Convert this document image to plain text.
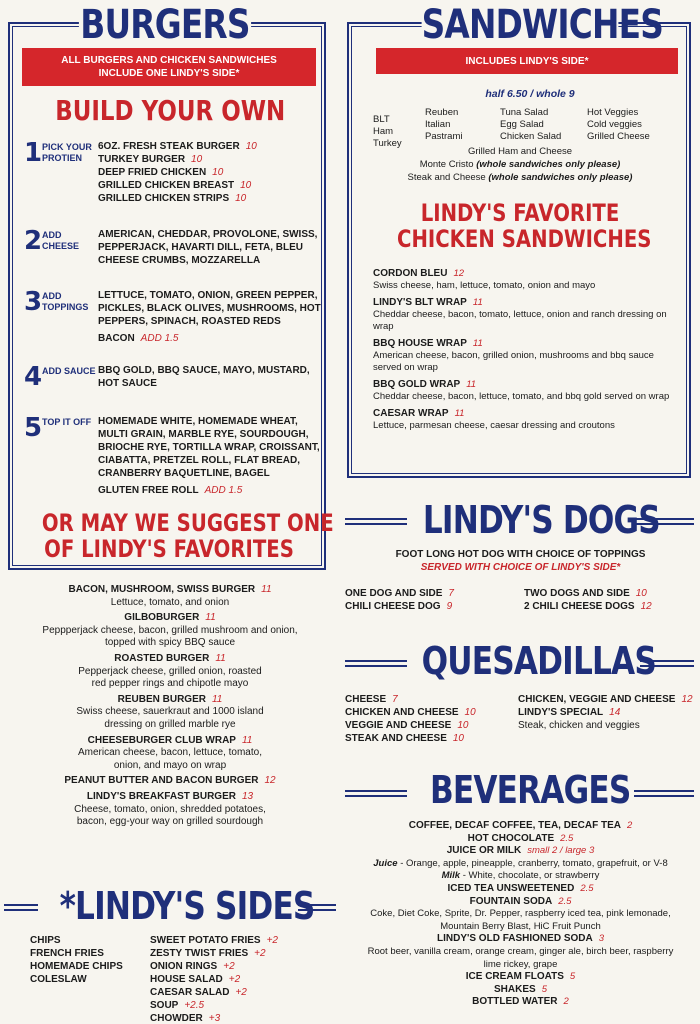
BURGERS
ALL BURGERS AND CHICKEN SANDWICHES
INCLUDE ONE LINDY'S SIDE*
BUILD YOUR OWN
1 PICK YOUR PROTIEN
6OZ. FRESH STEAK BURGER 10
TURKEY BURGER 10
DEEP FRIED CHICKEN 10
GRILLED CHICKEN BREAST 10
GRILLED CHICKEN STRIPS 10
2 ADD CHEESE
AMERICAN, CHEDDAR, PROVOLONE, SWISS, PEPPERJACK, HAVARTI DILL, FETA, BLEU CHEESE CRUMBS, MOZZARELLA
3 ADD TOPPINGS
LETTUCE, TOMATO, ONION, GREEN PEPPER, PICKLES, BLACK OLIVES, MUSHROOMS, HOT PEPPERS, SPINACH, ROASTED REDS
BACON ADD 1.5
4 ADD SAUCE BBQ GOLD, BBQ SAUCE, MAYO, MUSTARD, HOT SAUCE
5 TOP IT OFF HOMEMADE WHITE, HOMEMADE WHEAT, MULTI GRAIN, MARBLE RYE, SOURDOUGH, BRIOCHE RYE, TORTILLA WRAP, CROISSANT, CIABATTA, PRETZEL ROLL, FLAT BREAD, CRANBERRY BAQUETLINE, BAGEL
GLUTEN FREE ROLL ADD 1.5
OR MAY WE SUGGEST ONE
OF LINDY'S FAVORITES
BACON, MUSHROOM, SWISS BURGER 11
Lettuce, tomato, and onion
GILBOBURGER 11
Peppperjack cheese, bacon, grilled mushroom and onion,
topped with spicy BBQ sauce
ROASTED BURGER 11
Pepperjack cheese, grilled onion, roasted
red pepper rings and chipotle mayo
REUBEN BURGER 11
Swiss cheese, sauerkraut and 1000 island
dressing on grilled marble rye
CHEESEBURGER CLUB WRAP 11
American cheese, bacon, lettuce, tomato,
onion, and mayo on wrap
PEANUT BUTTER AND BACON BURGER 12
LINDY'S BREAKFAST BURGER 13
Cheese, tomato, onion, shredded potatoes,
bacon, egg-your way on grilled sourdough
*LINDY'S SIDES
CHIPS
FRENCH FRIES
HOMEMADE CHIPS
COLESLAW
SWEET POTATO FRIES +2
ZESTY TWIST FRIES +2
ONION RINGS +2
HOUSE SALAD +2
CAESAR SALAD +2
SOUP +2.5
CHOWDER +3
SANDWICHES
INCLUDES LINDY'S SIDE*
half 6.50 / whole 9
BLT
Ham
Turkey
Reuben
Italian
Pastrami
Tuna Salad
Egg Salad
Chicken Salad
Hot Veggies
Cold veggies
Grilled Cheese
Grilled Ham and Cheese
Monte Cristo (whole sandwiches only please)
Steak and Cheese (whole sandwiches only please)
LINDY'S FAVORITE
CHICKEN SANDWICHES
CORDON BLEU 12
Swiss cheese, ham, lettuce, tomato, onion and mayo
LINDY'S BLT WRAP 11
Cheddar cheese, bacon, tomato, lettuce, onion and ranch dressing on wrap
BBQ HOUSE WRAP 11
American cheese, bacon, grilled onion, mushrooms and bbq sauce served on wrap
BBQ GOLD WRAP 11
Cheddar cheese, bacon, lettuce, tomato, and bbq gold served on wrap
CAESAR WRAP 11
Lettuce, parmesan cheese, caesar dressing and croutons
LINDY'S DOGS
FOOT LONG HOT DOG WITH CHOICE OF TOPPINGS
SERVED WITH CHOICE OF LINDY'S SIDE*
ONE DOG AND SIDE 7
CHILI CHEESE DOG 9
TWO DOGS AND SIDE 10
2 CHILI CHEESE DOGS 12
QUESADILLAS
CHEESE 7
CHICKEN AND CHEESE 10
VEGGIE AND CHEESE 10
STEAK AND CHEESE 10
CHICKEN, VEGGIE AND CHEESE 12
LINDY'S SPECIAL 14
Steak, chicken and veggies
BEVERAGES
COFFEE, DECAF COFFEE, TEA, DECAF TEA 2
HOT CHOCOLATE 2.5
JUICE OR MILK small 2 / large 3
Juice - Orange, apple, pineapple, cranberry, tomato, grapefruit, or V-8
Milk - White, chocolate, or strawberry
ICED TEA UNSWEETENED 2.5
FOUNTAIN SODA 2.5
Coke, Diet Coke, Sprite, Dr. Pepper, raspberry iced tea, pink lemonade,
Mountain Berry Blast, HiC Fruit Punch
LINDY'S OLD FASHIONED SODA 3
Root beer, vanilla cream, orange cream, ginger ale, birch beer, raspberry
lime rickey, grape
ICE CREAM FLOATS 5
SHAKES 5
BOTTLED WATER 2
